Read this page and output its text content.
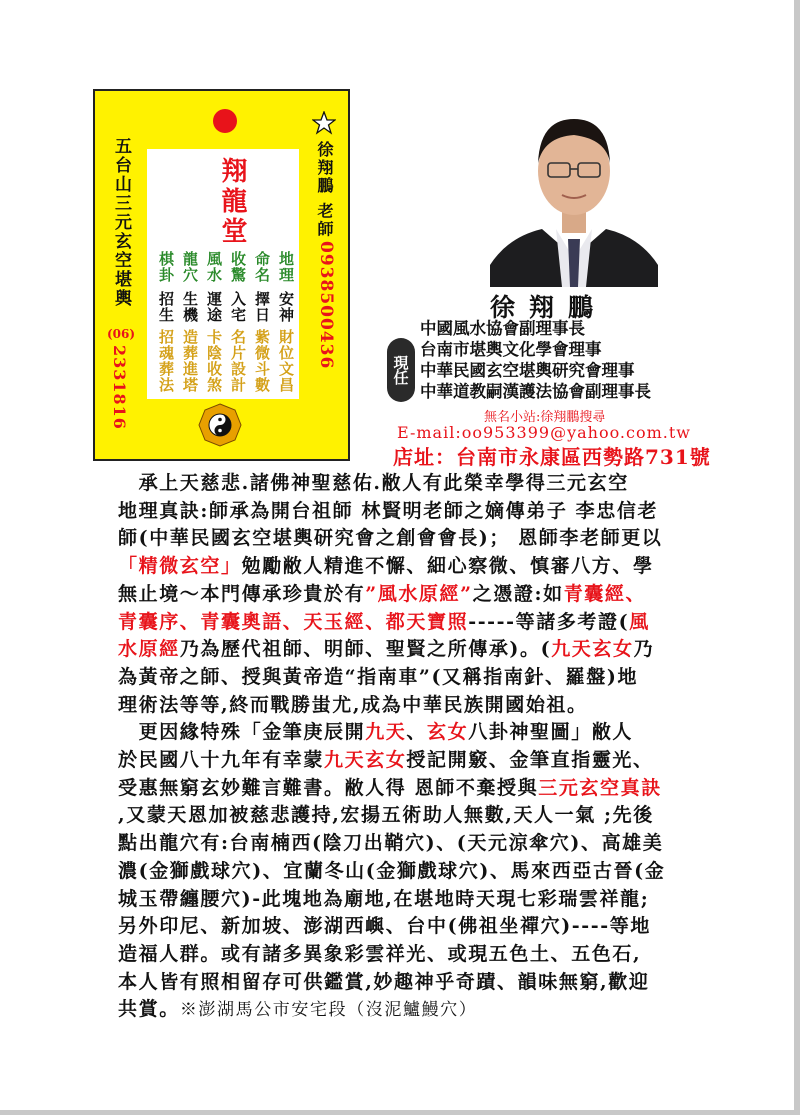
五台山三元玄空堪輿
(06)
2331816
徐翔鵬 老師
0938500436
翔龍堂
地理
命名
收驚
風水
龍穴
棋卦
安神
擇日
入宅
運途
生機
招生
財位文昌
紫微斗數
名片設計
卡陰收煞
造葬進塔
招魂葬法
徐翔鵬
現任
中國風水協會副理事長
台南市堪輿文化學會理事
中華民國玄空堪輿研究會理事
中華道教嗣漢護法協會副理事長
無名小站:徐翔鵬搜尋
E-mail:oo953399@yahoo.com.tw
店址：台南市永康區西勢路731號
　承上天慈悲.諸佛神聖慈佑.敝人有此榮幸學得三元玄空
地理真訣:師承為開台祖師 林賢明老師之嫡傳弟子 李忠信老
師(中華民國玄空堪輿研究會之創會會長)； 恩師李老師更以
「精微玄空」勉勵敝人精進不懈、細心察微、慎審八方、學
無止境～本門傳承珍貴於有”風水原經”之憑證:如青囊經、
青囊序、青囊奧語、天玉經、都天寶照-----等諸多考證(風
水原經乃為歷代祖師、明師、聖賢之所傳承)。(九天玄女乃
為黃帝之師、授與黃帝造“指南車”(又稱指南針、羅盤)地
理術法等等,終而戰勝蚩尤,成為中華民族開國始祖。
　更因緣特殊「金筆庚辰開九天、玄女八卦神聖圖」敝人
於民國八十九年有幸蒙九天玄女授記開竅、金筆直指靈光、
受惠無窮玄妙難言難書。敝人得 恩師不棄授與三元玄空真訣
,又蒙天恩加被慈悲護持,宏揚五術助人無數,天人一氣 ;先後
點出龍穴有:台南楠西(陰刀出鞘穴)、(天元涼傘穴)、高雄美
濃(金獅戲球穴)、宜蘭冬山(金獅戲球穴)、馬來西亞古晉(金
城玉帶纏腰穴)-此塊地為廟地,在堪地時天現七彩瑞雲祥龍;
另外印尼、新加坡、澎湖西嶼、台中(佛祖坐禪穴)----等地
造福人群。或有諸多異象彩雲祥光、或現五色土、五色石,
本人皆有照相留存可供鑑賞,妙趣神乎奇蹟、韻味無窮,歡迎
共賞。※澎湖馬公市安宅段（沒泥鱸鰻穴）
